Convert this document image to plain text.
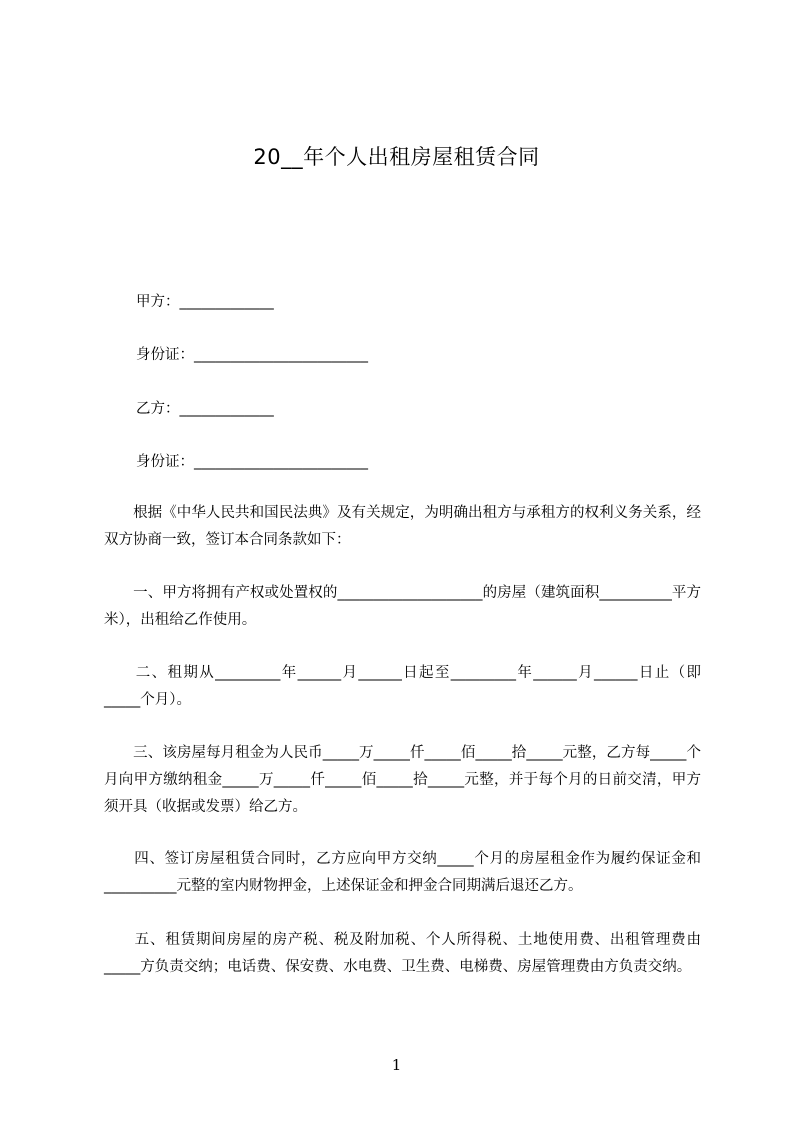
20__年个人出租房屋租赁合同
甲方：_____________
身份证：________________________
乙方：_____________
身份证：________________________
　　根据《中华人民共和国民法典》及有关规定，为明确出租方与承租方的权利义务关系，经双方协商一致，签订本合同条款如下：
　　一、甲方将拥有产权或处置权的____________________的房屋（建筑面积__________平方米），出租给乙作使用。
　　二、租期从_________年______月______日起至_________年______月______日止（即_____个月）。
　　三、该房屋每月租金为人民币_____万_____仟_____佰_____拾_____元整，乙方每_____个月向甲方缴纳租金_____万_____仟_____佰_____拾_____元整，并于每个月的日前交清，甲方须开具（收据或发票）给乙方。
　　四、签订房屋租赁合同时，乙方应向甲方交纳_____个月的房屋租金作为履约保证金和__________元整的室内财物押金，上述保证金和押金合同期满后退还乙方。
　　五、租赁期间房屋的房产税、税及附加税、个人所得税、土地使用费、出租管理费由_____方负责交纳；电话费、保安费、水电费、卫生费、电梯费、房屋管理费由方负责交纳。
1
